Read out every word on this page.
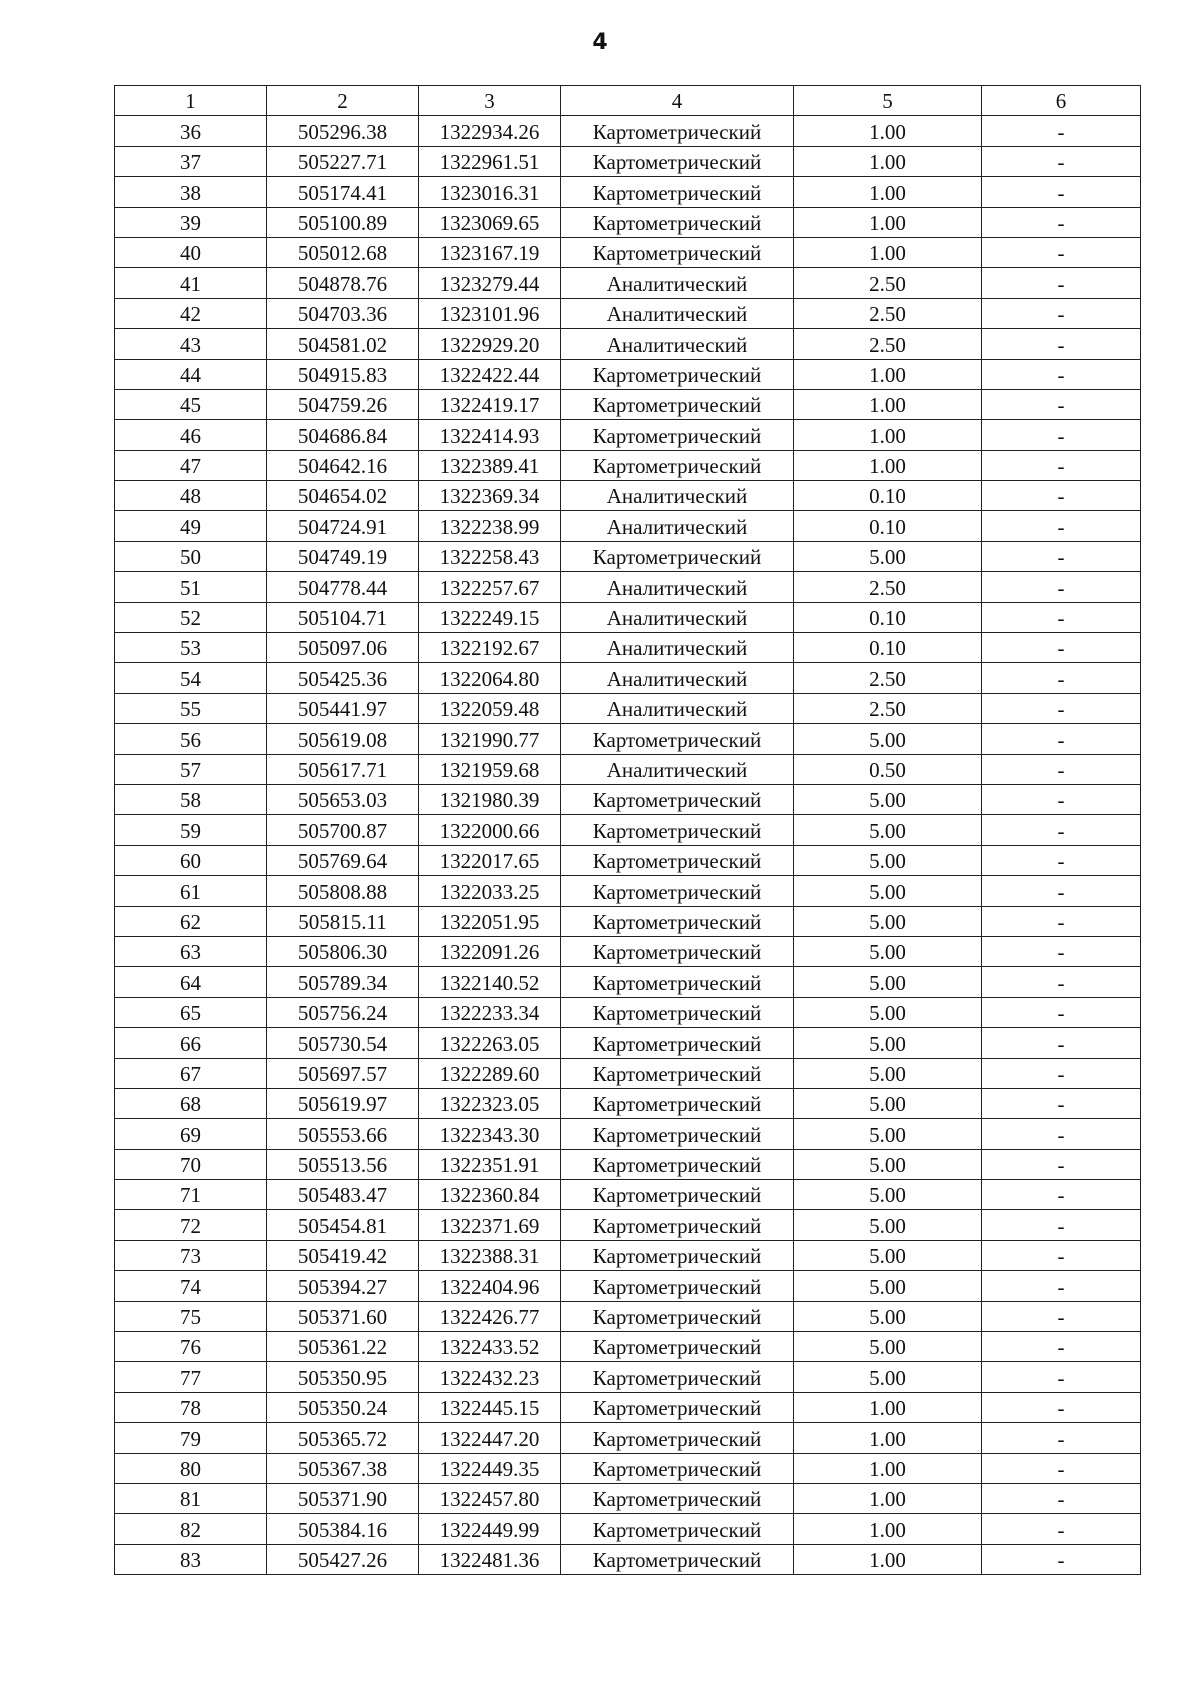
4
1	2	3	4	5	6
36	505296.38	1322934.26	Картометрический	1.00	-
37	505227.71	1322961.51	Картометрический	1.00	-
38	505174.41	1323016.31	Картометрический	1.00	-
39	505100.89	1323069.65	Картометрический	1.00	-
40	505012.68	1323167.19	Картометрический	1.00	-
41	504878.76	1323279.44	Аналитический	2.50	-
42	504703.36	1323101.96	Аналитический	2.50	-
43	504581.02	1322929.20	Аналитический	2.50	-
44	504915.83	1322422.44	Картометрический	1.00	-
45	504759.26	1322419.17	Картометрический	1.00	-
46	504686.84	1322414.93	Картометрический	1.00	-
47	504642.16	1322389.41	Картометрический	1.00	-
48	504654.02	1322369.34	Аналитический	0.10	-
49	504724.91	1322238.99	Аналитический	0.10	-
50	504749.19	1322258.43	Картометрический	5.00	-
51	504778.44	1322257.67	Аналитический	2.50	-
52	505104.71	1322249.15	Аналитический	0.10	-
53	505097.06	1322192.67	Аналитический	0.10	-
54	505425.36	1322064.80	Аналитический	2.50	-
55	505441.97	1322059.48	Аналитический	2.50	-
56	505619.08	1321990.77	Картометрический	5.00	-
57	505617.71	1321959.68	Аналитический	0.50	-
58	505653.03	1321980.39	Картометрический	5.00	-
59	505700.87	1322000.66	Картометрический	5.00	-
60	505769.64	1322017.65	Картометрический	5.00	-
61	505808.88	1322033.25	Картометрический	5.00	-
62	505815.11	1322051.95	Картометрический	5.00	-
63	505806.30	1322091.26	Картометрический	5.00	-
64	505789.34	1322140.52	Картометрический	5.00	-
65	505756.24	1322233.34	Картометрический	5.00	-
66	505730.54	1322263.05	Картометрический	5.00	-
67	505697.57	1322289.60	Картометрический	5.00	-
68	505619.97	1322323.05	Картометрический	5.00	-
69	505553.66	1322343.30	Картометрический	5.00	-
70	505513.56	1322351.91	Картометрический	5.00	-
71	505483.47	1322360.84	Картометрический	5.00	-
72	505454.81	1322371.69	Картометрический	5.00	-
73	505419.42	1322388.31	Картометрический	5.00	-
74	505394.27	1322404.96	Картометрический	5.00	-
75	505371.60	1322426.77	Картометрический	5.00	-
76	505361.22	1322433.52	Картометрический	5.00	-
77	505350.95	1322432.23	Картометрический	5.00	-
78	505350.24	1322445.15	Картометрический	1.00	-
79	505365.72	1322447.20	Картометрический	1.00	-
80	505367.38	1322449.35	Картометрический	1.00	-
81	505371.90	1322457.80	Картометрический	1.00	-
82	505384.16	1322449.99	Картометрический	1.00	-
83	505427.26	1322481.36	Картометрический	1.00	-
